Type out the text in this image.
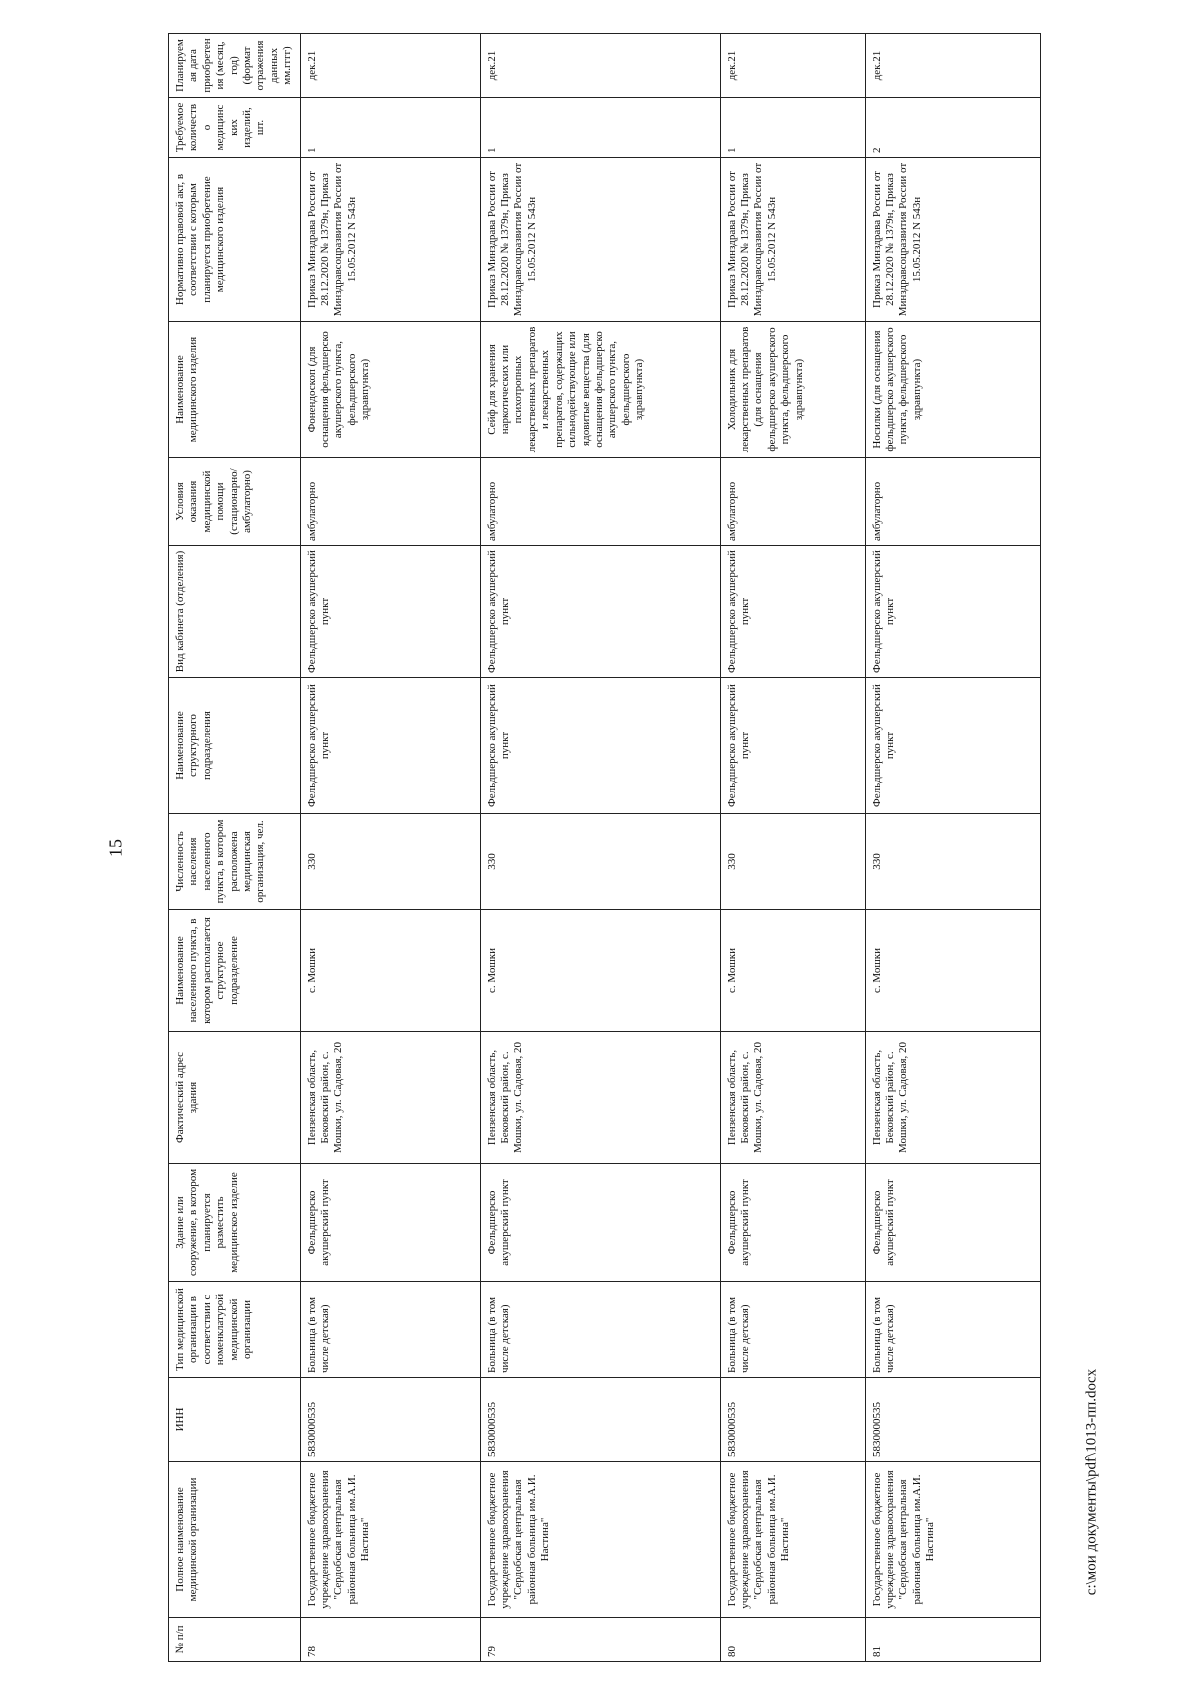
15
№ п/п	Полное наименование медицинской организации	ИНН	Тип медицинской организации в соответствии с номенклатурой медицинской организации	Здание или сооружение, в котором планируется разместить медицинское изделие	Фактический адрес здания	Наименование населенного пункта, в котором располагается структурное подразделение	Численность населения населенного пункта, в котором расположена медицинская организация, чел.	Наименование структурного подразделения	Вид кабинета (отделения)	Условия оказания медицинской помощи (стационарно/ амбулаторно)	Наименование медицинского изделия	Нормативно правовой акт, в соответствии с которым планируется приобретение медицинского изделия	Требуемое количество медицинских изделий, шт.	Планируемая дата приобретения (месяц, год) (формат отражения данных мм.гггг)
78	Государственное бюджетное учреждение здравоохранения "Сердобская центральная районная больница им.А.И. Настина"	5830000535	Больница (в том числе детская)	Фельдшерско акушерский пункт	Пензенская область, Бековский район, с. Мошки, ул. Садовая, 20	с. Мошки	330	Фельдшерско акушерский пункт	Фельдшерско акушерский пункт	амбулаторно	Фонендоскоп (для оснащения фельдшерско акушерского пункта, фельдшерского здравпункта)	Приказ Минздрава России от 28.12.2020 № 1379н, Приказ Минздравсоцразвития России от 15.05.2012 N 543н	1	дек.21
79	Государственное бюджетное учреждение здравоохранения "Сердобская центральная районная больница им.А.И. Настина"	5830000535	Больница (в том числе детская)	Фельдшерско акушерский пункт	Пензенская область, Бековский район, с. Мошки, ул. Садовая, 20	с. Мошки	330	Фельдшерско акушерский пункт	Фельдшерско акушерский пункт	амбулаторно	Сейф для хранения наркотических или психотропных лекарственных препаратов и лекарственных препаратов, содержащих сильнодействующие или ядовитые вещества (для оснащения фельдшерско акушерского пункта, фельдшерского здравпункта)	Приказ Минздрава России от 28.12.2020 № 1379н, Приказ Минздравсоцразвития России от 15.05.2012 N 543н	1	дек.21
80	Государственное бюджетное учреждение здравоохранения "Сердобская центральная районная больница им.А.И. Настина"	5830000535	Больница (в том числе детская)	Фельдшерско акушерский пункт	Пензенская область, Бековский район, с. Мошки, ул. Садовая, 20	с. Мошки	330	Фельдшерско акушерский пункт	Фельдшерско акушерский пункт	амбулаторно	Холодильник для лекарственных препаратов (для оснащения фельдшерско акушерского пункта, фельдшерского здравпункта)	Приказ Минздрава России от 28.12.2020 № 1379н, Приказ Минздравсоцразвития России от 15.05.2012 N 543н	1	дек.21
81	Государственное бюджетное учреждение здравоохранения "Сердобская центральная районная больница им.А.И. Настина"	5830000535	Больница (в том числе детская)	Фельдшерско акушерский пункт	Пензенская область, Бековский район, с. Мошки, ул. Садовая, 20	с. Мошки	330	Фельдшерско акушерский пункт	Фельдшерско акушерский пункт	амбулаторно	Носилки (для оснащения фельдшерско акушерского пункта, фельдшерского здравпункта)	Приказ Минздрава России от 28.12.2020 № 1379н, Приказ Минздравсоцразвития России от 15.05.2012 N 543н	2	дек.21
c:\мои документы\pdf\1013-пп.docx
